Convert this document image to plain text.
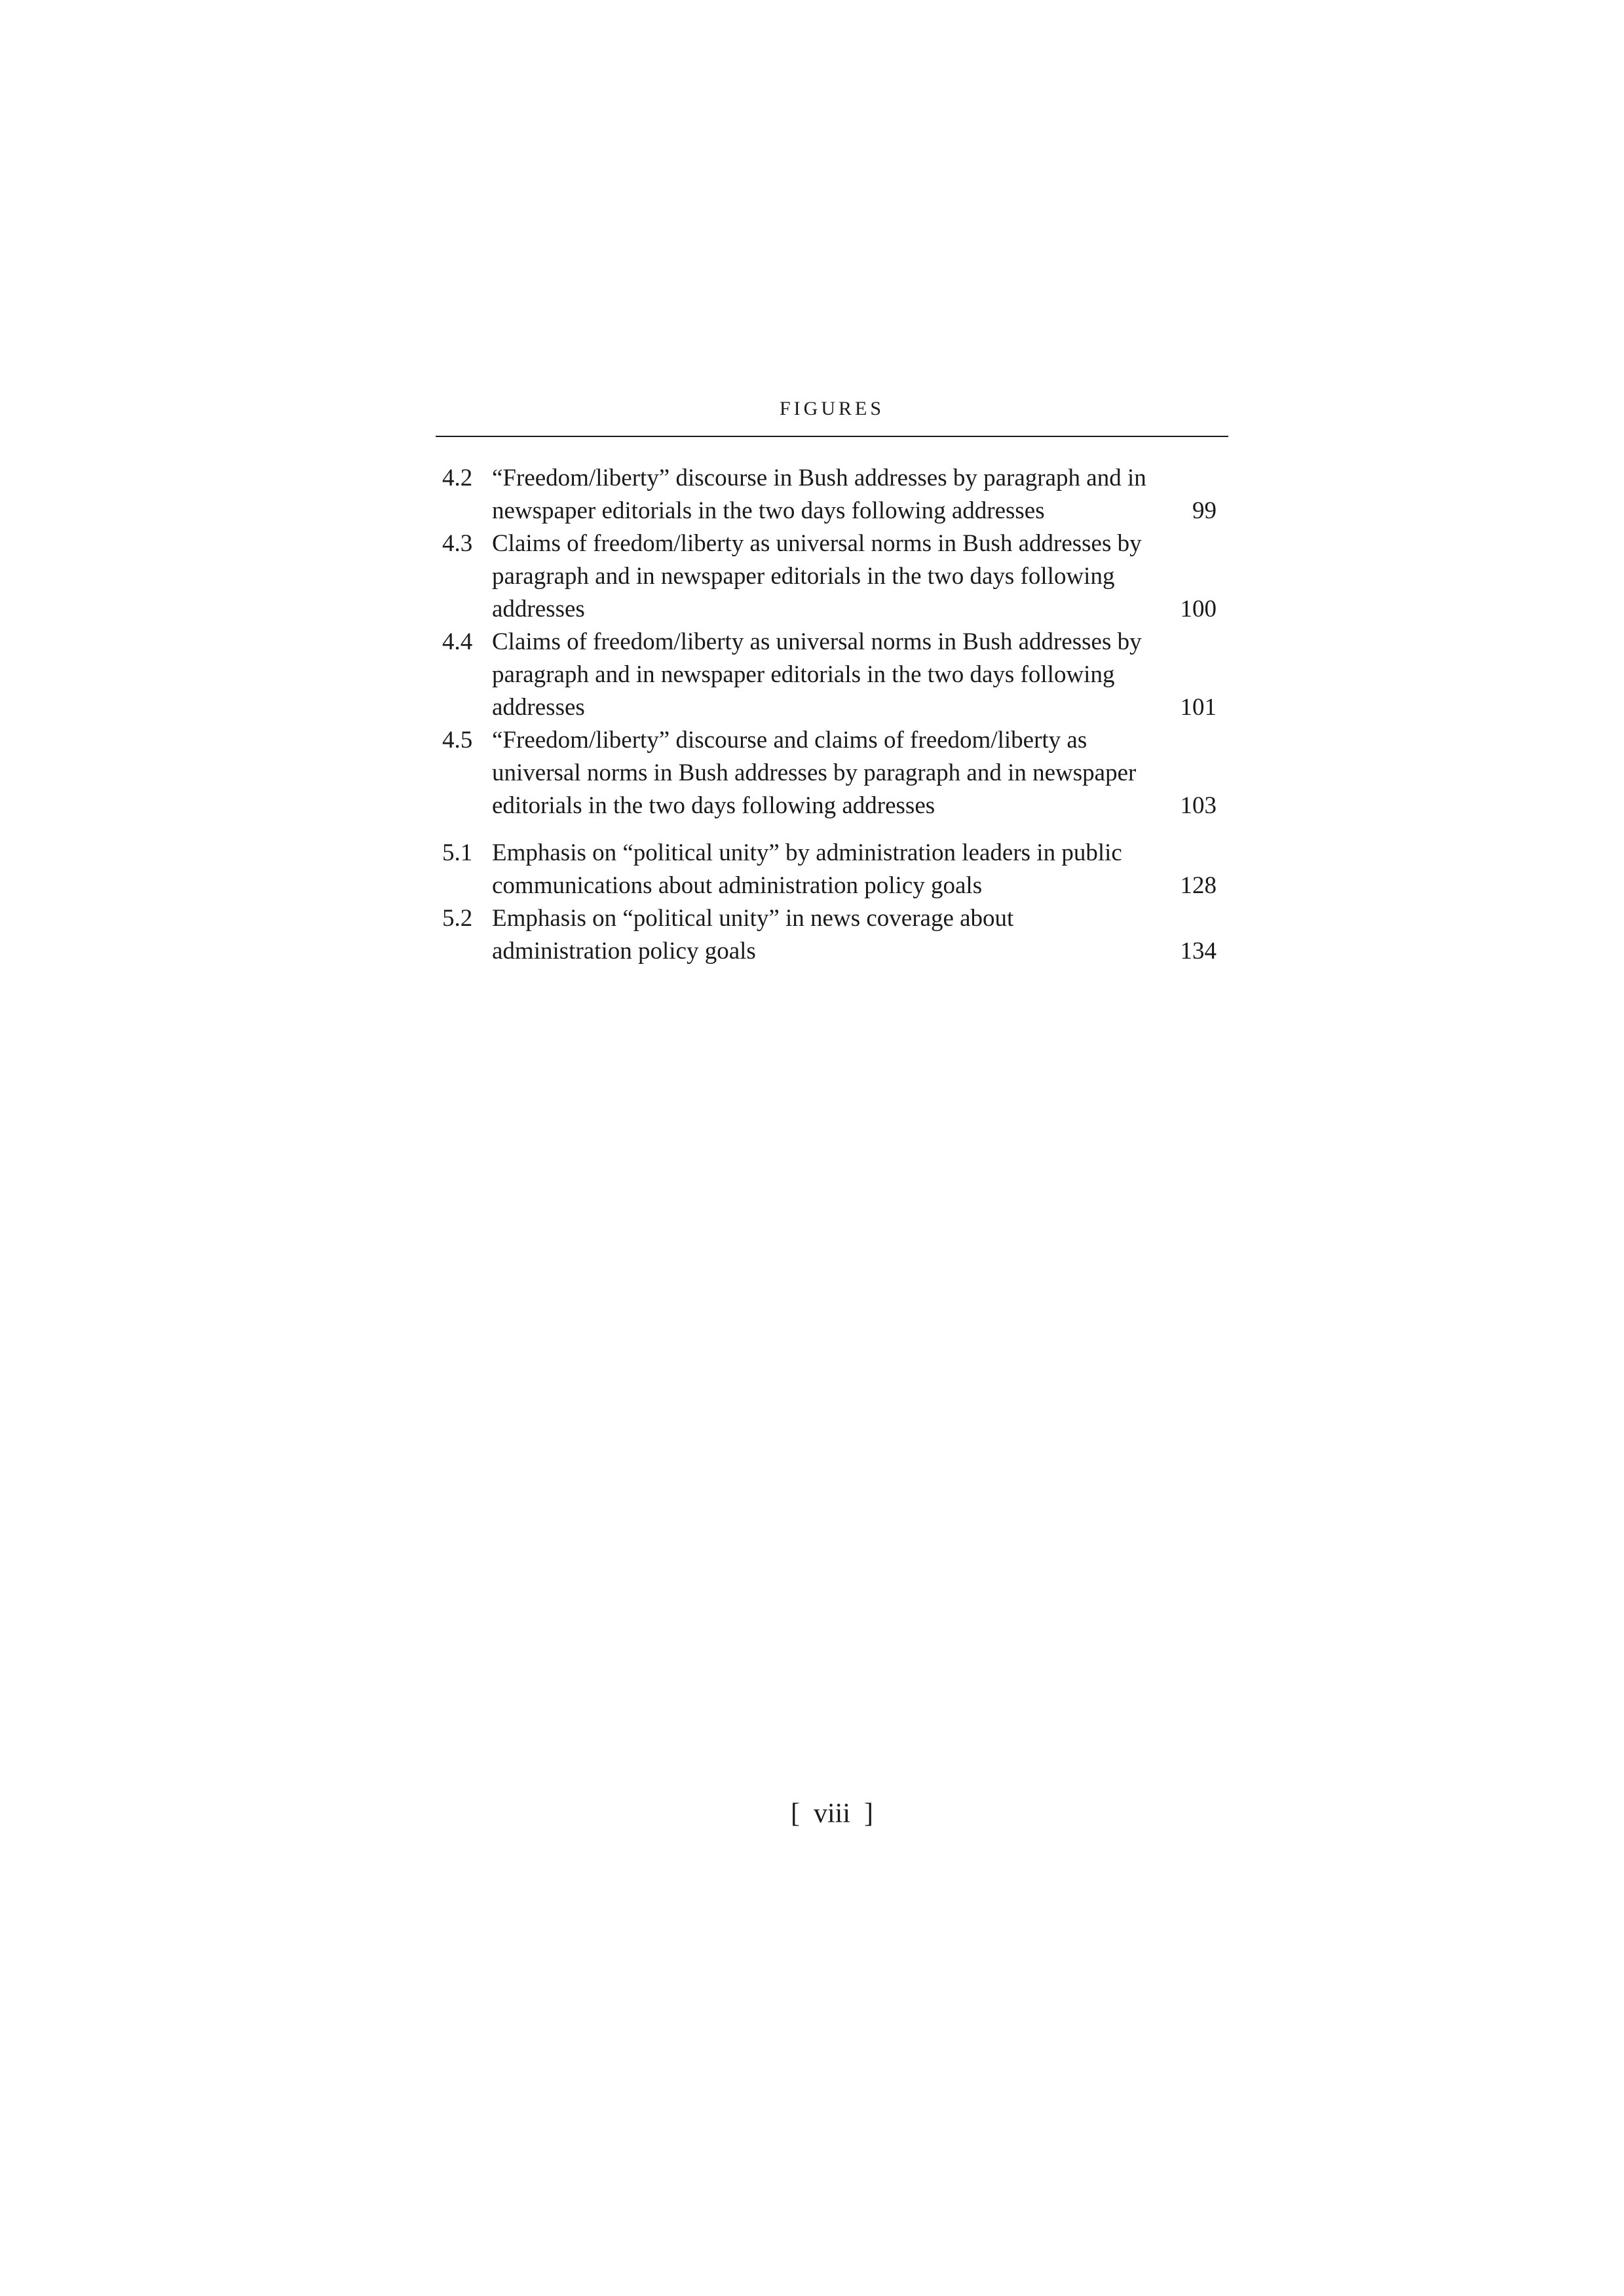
FIGURES
4.2 “Freedom/liberty” discourse in Bush addresses by paragraph and in newspaper editorials in the two days following addresses	99
4.3 Claims of freedom/liberty as universal norms in Bush addresses by paragraph and in newspaper editorials in the two days following addresses	100
4.4 Claims of freedom/liberty as universal norms in Bush addresses by paragraph and in newspaper editorials in the two days following addresses	101
4.5 “Freedom/liberty” discourse and claims of freedom/liberty as universal norms in Bush addresses by paragraph and in newspaper editorials in the two days following addresses	103
5.1 Emphasis on “political unity” by administration leaders in public communications about administration policy goals	128
5.2 Emphasis on “political unity” in news coverage about administration policy goals	134
[  viii  ]
